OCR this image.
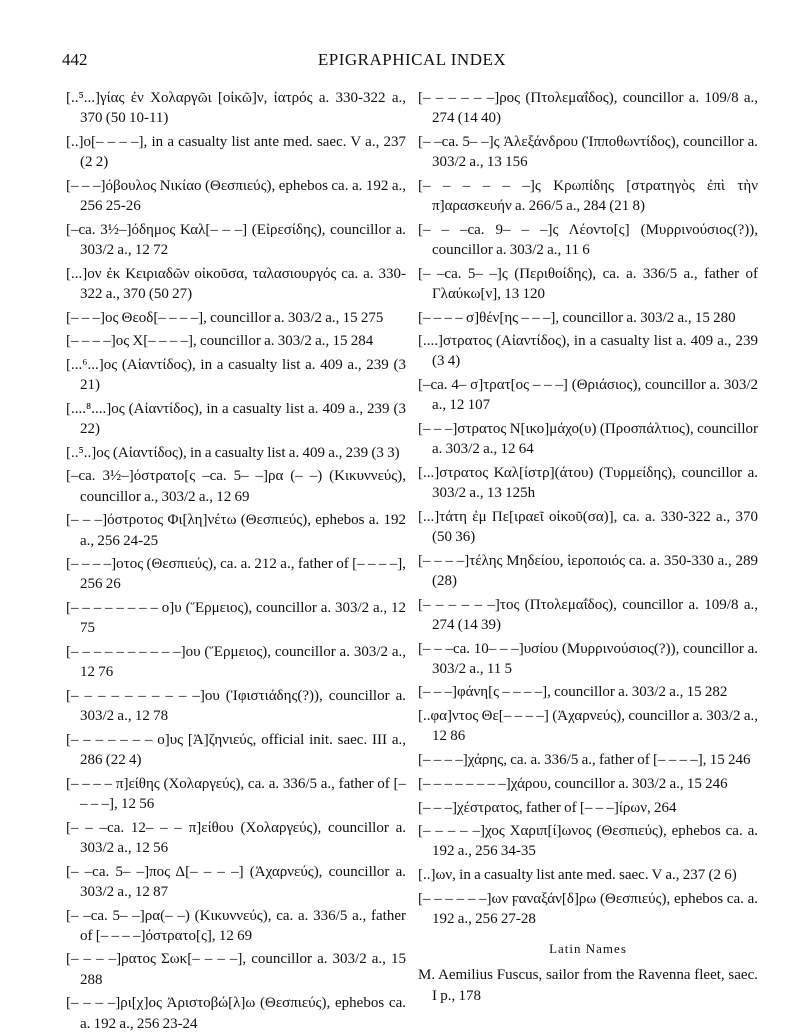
442	EPIGRAPHICAL INDEX

[..⁵...]γίας ἐν Χολαργῶι [οἰκῶ]ν, ἰατρός a. 330-322 a., 370 (50 10-11)

[..]ο[– – – –], in a casualty list ante med. saec. V a., 237 (2 2)

[– – –]όβουλος Νικίαο (Θεσπιεύς), ephebos ca. a. 192 a., 256 25-26

[–ca. 3½–]όδημος Καλ[– – –] (Εἰρεσίδης), councillor a. 303/2 a., 12 72

[...]ον ἐκ Κειριαδῶν οἰκοῦσα, ταλασιουργός ca. a. 330-322 a., 370 (50 27)

[– – –]ος Θεοδ[– – – –], councillor a. 303/2 a., 15 275

[– – – –]ος Χ[– – – –], councillor a. 303/2 a., 15 284

[...⁶...]ος (Αἰαντίδος), in a casualty list a. 409 a., 239 (3 21)

[....⁸....]ος (Αἰαντίδος), in a casualty list a. 409 a., 239 (3 22)

[..⁵..]ος (Αἰαντίδος), in a casualty list a. 409 a., 239 (3 3)

[–ca. 3½–]όστρατο[ς –ca. 5– –]ρα (– –) (Κικυννεύς), councillor a., 303/2 a., 12 69

[– – –]όστροτος Φι[λη]νέτω (Θεσπιεύς), ephebos a. 192 a., 256 24-25

[– – – –]οτος (Θεσπιεύς), ca. a. 212 a., father of [– – – –], 256 26

[– – – – – – – – ο]υ (Ἕρμειος), councillor a. 303/2 a., 12 75

[– – – – – – – – – –]ου (Ἕρμειος), councillor a. 303/2 a., 12 76

[– – – – – – – – – –]ου (Ἰφιστιάδης(?)), councillor a. 303/2 a., 12 78

[– – – – – – – ο]υς [Ἀ]ζηνιεύς, official init. saec. III a., 286 (22 4)

[– – – – π]είθης (Χολαργεύς), ca. a. 336/5 a., father of [– – – –], 12 56

[– – –ca. 12– – – π]είθου (Χολαργεύς), councillor a. 303/2 a., 12 56

[– –ca. 5– –]πος Δ[– – – –] (Ἀχαρνεύς), councillor a. 303/2 a., 12 87

[– –ca. 5– –]ρα(– –) (Κικυννεύς), ca. a. 336/5 a., father of [– – – –]όστρατο[ς], 12 69

[– – – –]ρατος Σωκ[– – – –], councillor a. 303/2 a., 15 288

[– – – –]ρι[χ]ος Ἀριστοβώ[λ]ω (Θεσπιεύς), ephebos ca. a. 192 a., 256 23-24

[– – – – – –]ρος (Πτολεμαΐδος), councillor a. 109/8 a., 274 (14 40)

[– –ca. 5– –]ς Ἀλεξάνδρου (Ἱπποθωντίδος), councillor a. 303/2 a., 13 156

[– – – – – –]ς Κρωπίδης [στρατηγὸς ἐπὶ τὴν π]αρασκευήν a. 266/5 a., 284 (21 8)

[– – –ca. 9– – –]ς Λέοντο[ς] (Μυρρινούσιος(?)), councillor a. 303/2 a., 11 6

[– –ca. 5– –]ς (Περιθοίδης), ca. a. 336/5 a., father of Γλαύκω[ν], 13 120

[– – – – σ]θέν[ης – – –], councillor a. 303/2 a., 15 280

[....]στρατος (Αἰαντίδος), in a casualty list a. 409 a., 239 (3 4)

[–ca. 4– σ]τρατ[ος – – –] (Θριάσιος), councillor a. 303/2 a., 12 107

[– – –]στρατος Ν[ικο]μάχο(υ) (Προσπάλτιος), councillor a. 303/2 a., 12 64

[...]στρατος Καλ[ίστρ](άτου) (Τυρμείδης), councillor a. 303/2 a., 13 125h

[...]τάτη ἐμ Πε[ιραεῖ οἰκοῦ(σα)], ca. a. 330-322 a., 370 (50 36)

[– – – –]τέλης Μηδείου, ἱεροποιός ca. a. 350-330 a., 289 (28)

[– – – – – –]τος (Πτολεμαΐδος), councillor a. 109/8 a., 274 (14 39)

[– – –ca. 10– – –]υσίου (Μυρρινούσιος(?)), councillor a. 303/2 a., 11 5

[– – –]φάνη[ς – – – –], councillor a. 303/2 a., 15 282

[..φα]ντος Θε[– – – –] (Ἀχαρνεύς), councillor a. 303/2 a., 12 86

[– – – –]χάρης, ca. a. 336/5 a., father of [– – – –], 15 246

[– – – – – – – –]χάρου, councillor a. 303/2 a., 15 246

[– – –]χέστρατος, father of [– – –]ίρων, 264

[– – – – –]χος Χαριπ[ί]ωνος (Θεσπιεύς), ephebos ca. a. 192 a., 256 34-35

[..]ων, in a casualty list ante med. saec. V a., 237 (2 6)

[– – – – – –]ων ϝαναξάν[δ]ρω (Θεσπιεύς), ephebos ca. a. 192 a., 256 27-28

Latin Names

M. Aemilius Fuscus, sailor from the Ravenna fleet, saec. I p., 178
